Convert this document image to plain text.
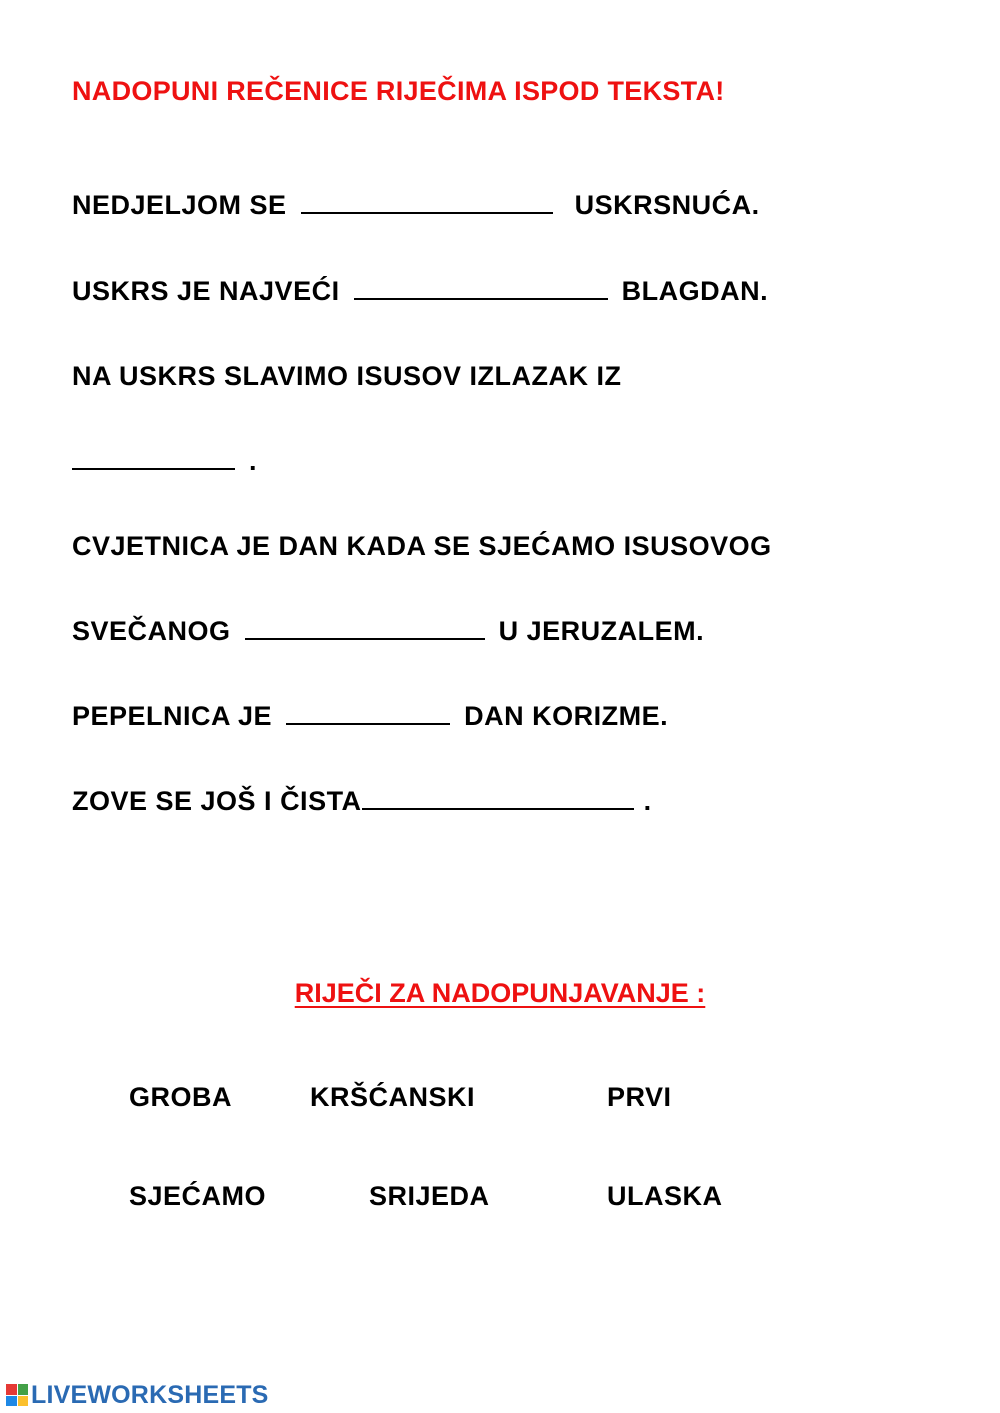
NADOPUNI REČENICE RIJEČIMA ISPOD TEKSTA!
NEDJELJOM SE	USKRSNUĆA.
USKRS JE NAJVEĆI	BLAGDAN.
NA USKRS SLAVIMO ISUSOV IZLAZAK IZ
.
CVJETNICA JE DAN KADA SE SJEĆAMO ISUSOVOG
SVEČANOG	U JERUZALEM.
PEPELNICA JE	DAN KORIZME.
ZOVE SE JOŠ I ČISTA	.
RIJEČI ZA NADOPUNJAVANJE :
GROBA	KRŠĆANSKI	PRVI
SJEĆAMO	SRIJEDA	ULASKA
LIVEWORKSHEETS
